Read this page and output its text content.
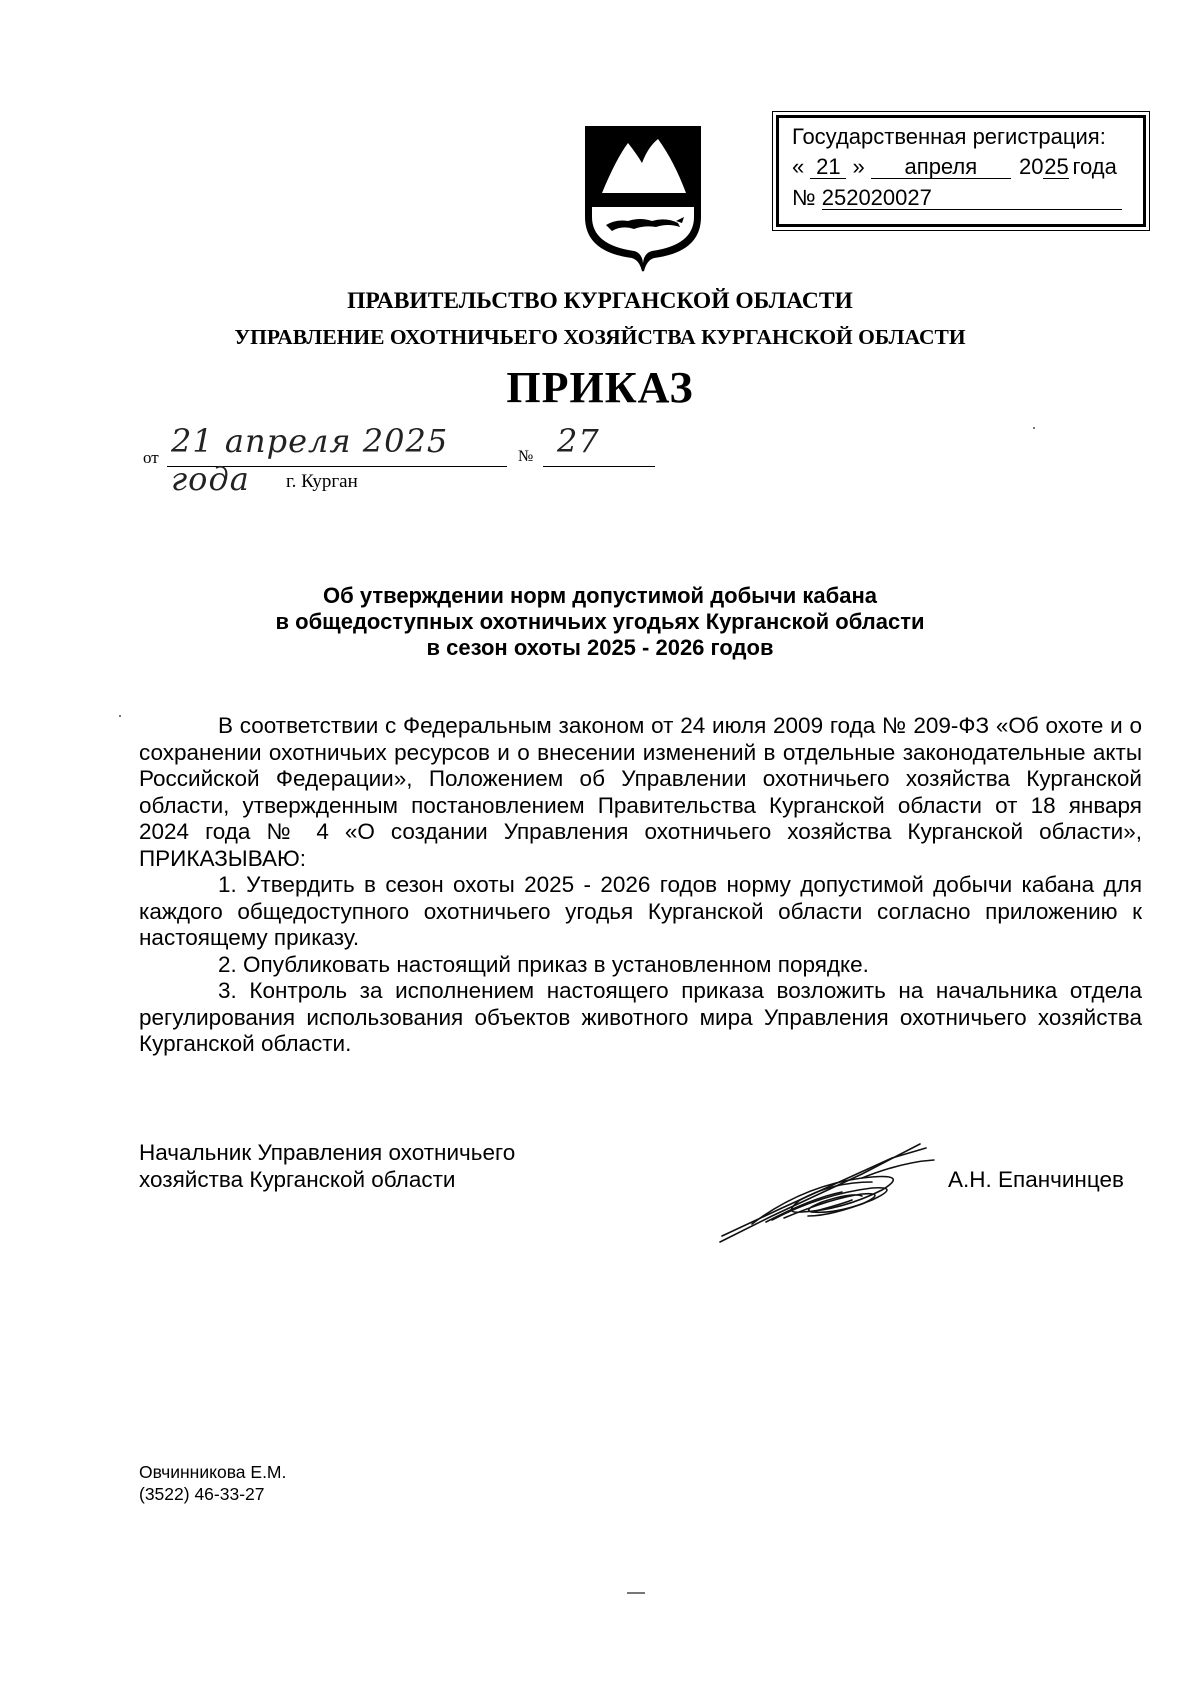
Государственная регистрация:
« 21 » апреля 2025 года
№ 252020027
ПРАВИТЕЛЬСТВО КУРГАНСКОЙ ОБЛАСТИ
УПРАВЛЕНИЕ ОХОТНИЧЬЕГО ХОЗЯЙСТВА КУРГАНСКОЙ ОБЛАСТИ
ПРИКАЗ
от 21 апреля 2025 года
№ 27
г. Курган
Об утверждении норм допустимой добычи кабана
в общедоступных охотничьих угодьях Курганской области
в сезон охоты 2025 - 2026 годов

В соответствии с Федеральным законом от 24 июля 2009 года № 209-ФЗ «Об охоте и о сохранении охотничьих ресурсов и о внесении изменений в отдельные законодательные акты Российской Федерации», Положением об Управлении охотничьего хозяйства Курганской области, утвержденным постановлением Правительства Курганской области от 18 января 2024 года № 4 «О создании Управления охотничьего хозяйства Курганской области», ПРИКАЗЫВАЮ:

1. Утвердить в сезон охоты 2025 - 2026 годов норму допустимой добычи кабана для каждого общедоступного охотничьего угодья Курганской области согласно приложению к настоящему приказу.

2. Опубликовать настоящий приказ в установленном порядке.

3. Контроль за исполнением настоящего приказа возложить на начальника отдела регулирования использования объектов животного мира Управления охотничьего хозяйства Курганской области.

Начальник Управления охотничьего
хозяйства Курганской области	А.Н. Епанчинцев
Овчинникова Е.М.
(3522) 46-33-27
